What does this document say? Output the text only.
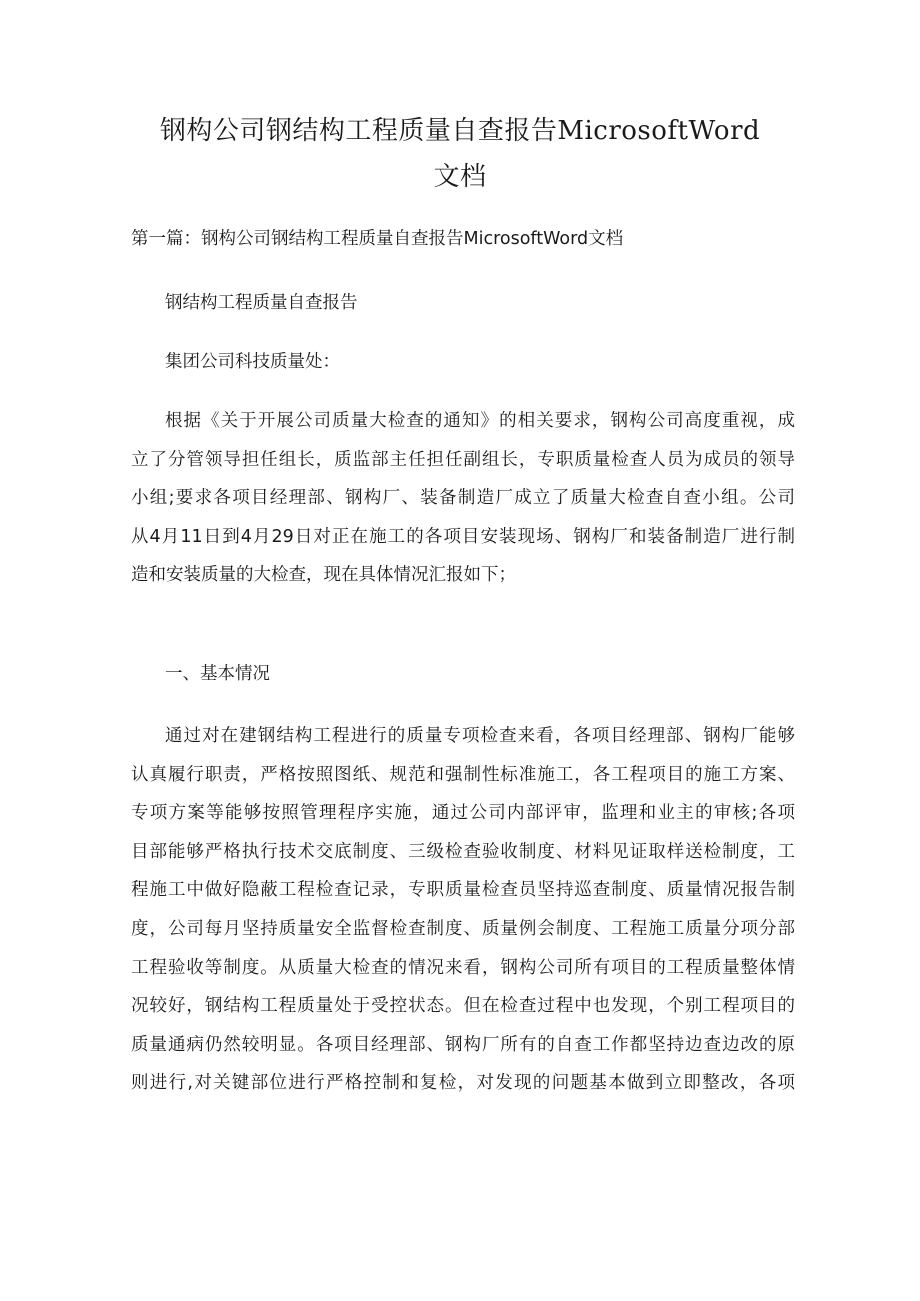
钢构公司钢结构工程质量自查报告MicrosoftWord
文档
第一篇：钢构公司钢结构工程质量自查报告MicrosoftWord文档

钢结构工程质量自查报告

集团公司科技质量处：

根据《关于开展公司质量大检查的通知》的相关要求，钢构公司高度重视，成
立了分管领导担任组长，质监部主任担任副组长，专职质量检查人员为成员的领导
小组;要求各项目经理部、钢构厂、装备制造厂成立了质量大检查自查小组。公司
从4月11日到4月29日对正在施工的各项目安装现场、钢构厂和装备制造厂进行制
造和安装质量的大检查，现在具体情况汇报如下；

一、基本情况

通过对在建钢结构工程进行的质量专项检查来看，各项目经理部、钢构厂能够
认真履行职责，严格按照图纸、规范和强制性标准施工，各工程项目的施工方案、
专项方案等能够按照管理程序实施，通过公司内部评审，监理和业主的审核;各项
目部能够严格执行技术交底制度、三级检查验收制度、材料见证取样送检制度，工
程施工中做好隐蔽工程检查记录，专职质量检查员坚持巡查制度、质量情况报告制
度，公司每月坚持质量安全监督检查制度、质量例会制度、工程施工质量分项分部
工程验收等制度。从质量大检查的情况来看，钢构公司所有项目的工程质量整体情
况较好，钢结构工程质量处于受控状态。但在检查过程中也发现，个别工程项目的
质量通病仍然较明显。各项目经理部、钢构厂所有的自查工作都坚持边查边改的原
则进行,对关键部位进行严格控制和复检，对发现的问题基本做到立即整改，各项
